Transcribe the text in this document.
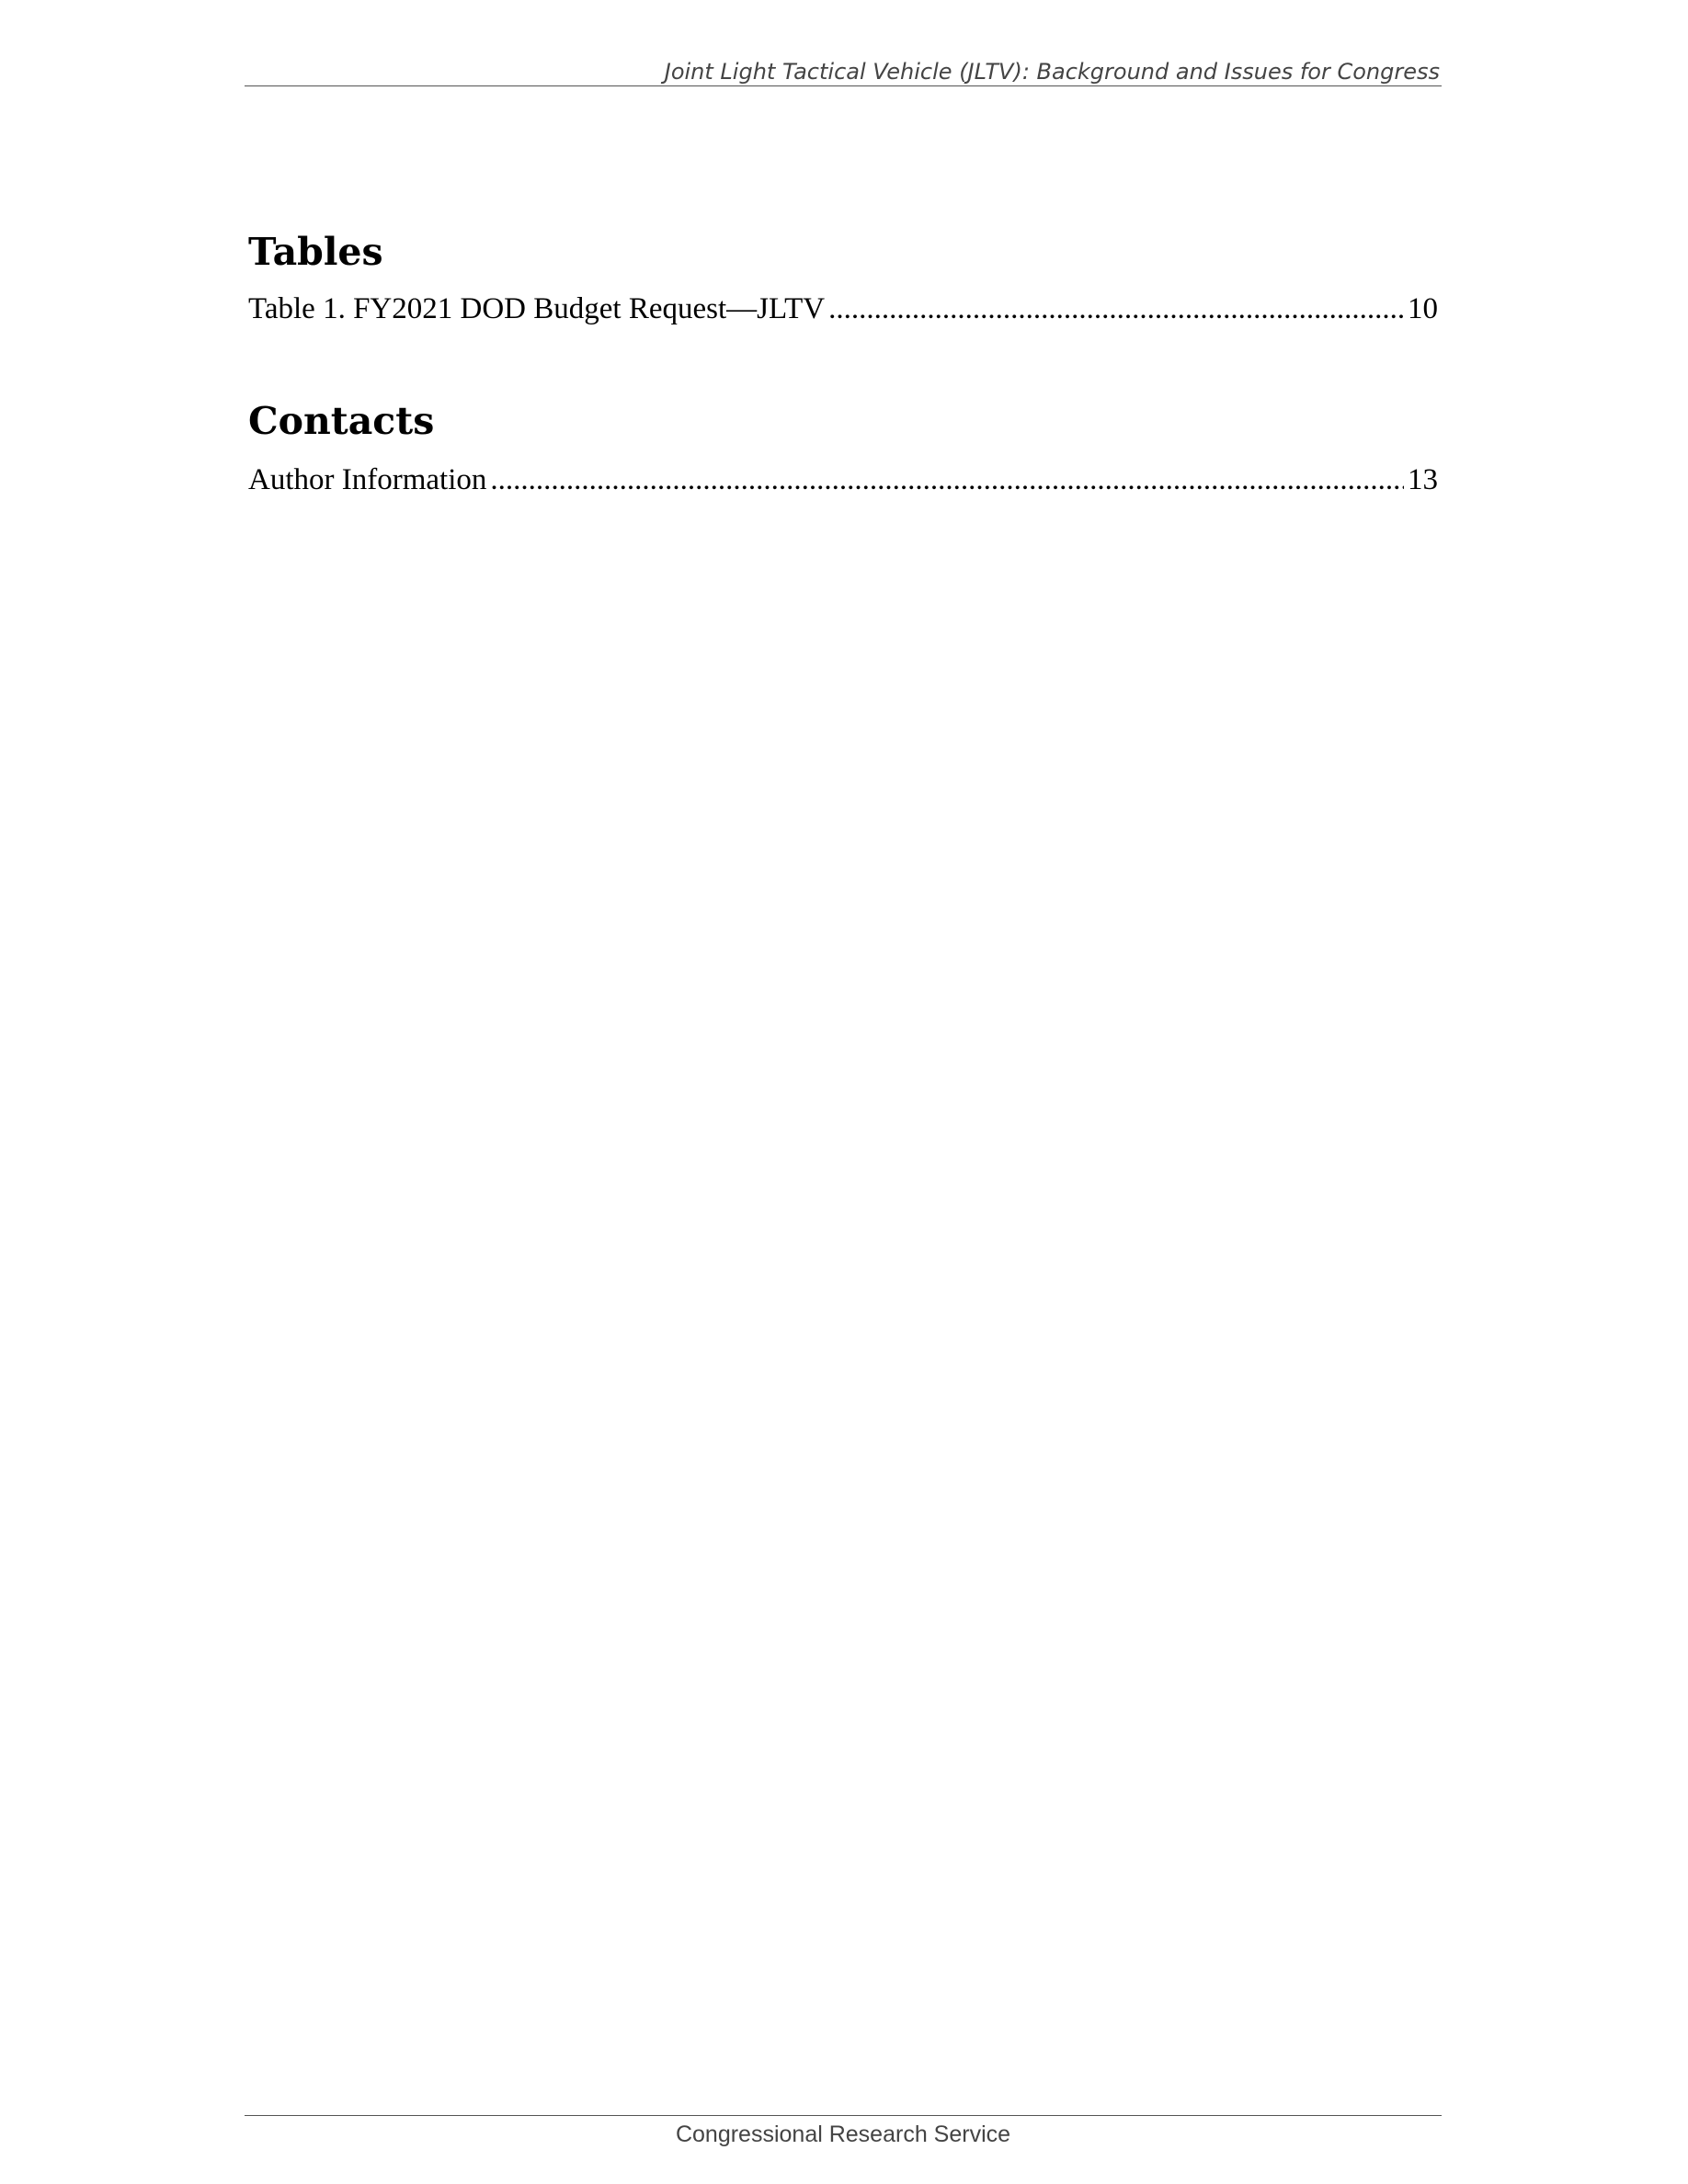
Joint Light Tactical Vehicle (JLTV): Background and Issues for Congress
Tables
Table 1. FY2021 DOD Budget Request—JLTV .....	10
Contacts
Author Information .....	13
Congressional Research Service
